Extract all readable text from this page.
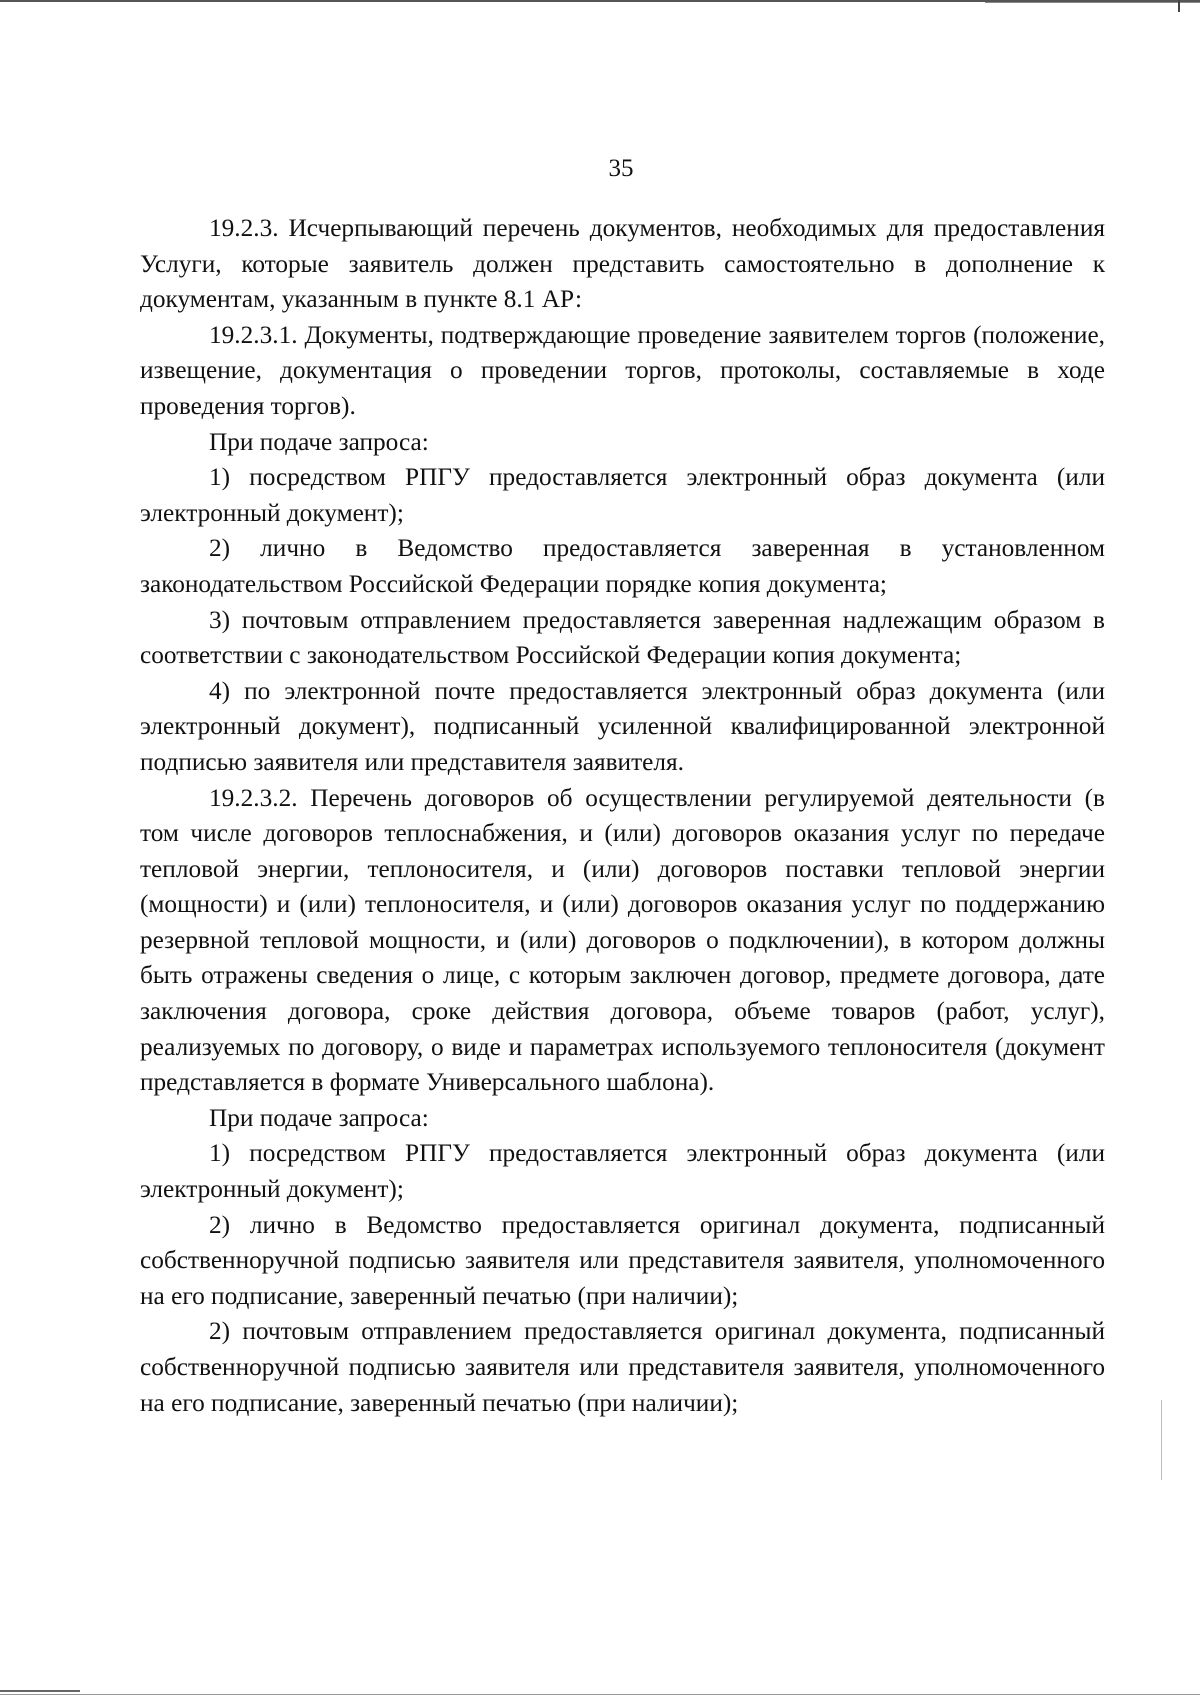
35

19.2.3. Исчерпывающий перечень документов, необходимых для предоставления Услуги, которые заявитель должен представить самостоятельно в дополнение к документам, указанным в пункте 8.1 АР:

19.2.3.1. Документы, подтверждающие проведение заявителем торгов (положение, извещение, документация о проведении торгов, протоколы, составляемые в ходе проведения торгов).

При подаче запроса:

1) посредством РПГУ предоставляется электронный образ документа (или электронный документ);

2) лично в Ведомство предоставляется заверенная в установленном законодательством Российской Федерации порядке копия документа;

3) почтовым отправлением предоставляется заверенная надлежащим образом в соответствии с законодательством Российской Федерации копия документа;

4) по электронной почте предоставляется электронный образ документа (или электронный документ), подписанный усиленной квалифицированной электронной подписью заявителя или представителя заявителя.

19.2.3.2. Перечень договоров об осуществлении регулируемой деятельности (в том числе договоров теплоснабжения, и (или) договоров оказания услуг по передаче тепловой энергии, теплоносителя, и (или) договоров поставки тепловой энергии (мощности) и (или) теплоносителя, и (или) договоров оказания услуг по поддержанию резервной тепловой мощности, и (или) договоров о подключении), в котором должны быть отражены сведения о лице, с которым заключен договор, предмете договора, дате заключения договора, сроке действия договора, объеме товаров (работ, услуг), реализуемых по договору, о виде и параметрах используемого теплоносителя (документ представляется в формате Универсального шаблона).

При подаче запроса:

1) посредством РПГУ предоставляется электронный образ документа (или электронный документ);

2) лично в Ведомство предоставляется оригинал документа, подписанный собственноручной подписью заявителя или представителя заявителя, уполномоченного на его подписание, заверенный печатью (при наличии);

2) почтовым отправлением предоставляется оригинал документа, подписанный собственноручной подписью заявителя или представителя заявителя, уполномоченного на его подписание, заверенный печатью (при наличии);
